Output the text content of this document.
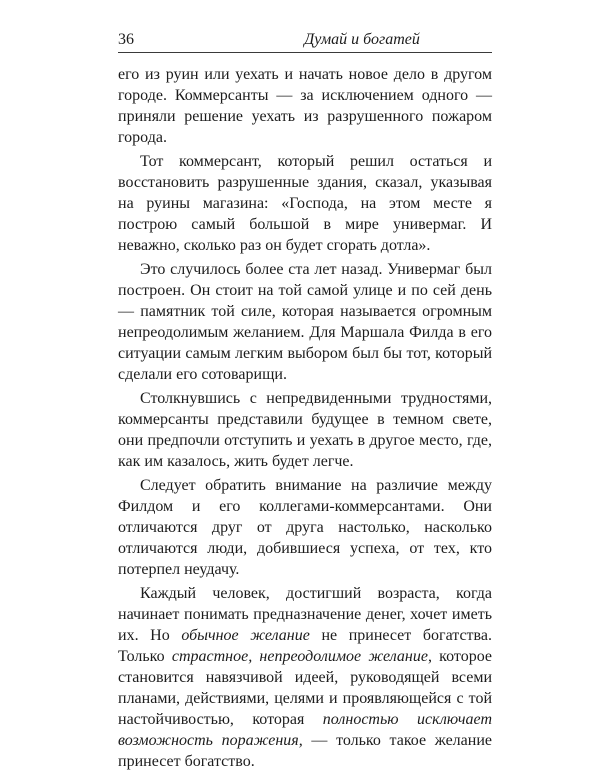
36	Думай и богатей

его из руин или уехать и начать новое дело в другом городе. Коммерсанты — за исключением одного — приняли решение уехать из разрушенного пожаром города.

Тот коммерсант, который решил остаться и восстановить разрушенные здания, сказал, указывая на руины магазина: «Господа, на этом месте я построю самый большой в мире универмаг. И неважно, сколько раз он будет сгорать дотла».

Это случилось более ста лет назад. Универмаг был построен. Он стоит на той самой улице и по сей день — памятник той силе, которая называется огромным непреодолимым желанием. Для Маршала Филда в его ситуации самым легким выбором был бы тот, который сделали его сотоварищи.

Столкнувшись с непредвиденными трудностями, коммерсанты представили будущее в темном свете, они предпочли отступить и уехать в другое место, где, как им казалось, жить будет легче.

Следует обратить внимание на различие между Филдом и его коллегами-коммерсантами. Они отличаются друг от друга настолько, насколько отличаются люди, добившиеся успеха, от тех, кто потерпел неудачу.

Каждый человек, достигший возраста, когда начинает понимать предназначение денег, хочет иметь их. Но обычное желание не принесет богатства. Только страстное, непреодолимое желание, которое становится навязчивой идеей, руководящей всеми планами, действиями, целями и проявляющейся с той настойчивостью, которая полностью исключает возможность поражения, — только такое желание принесет богатство.
